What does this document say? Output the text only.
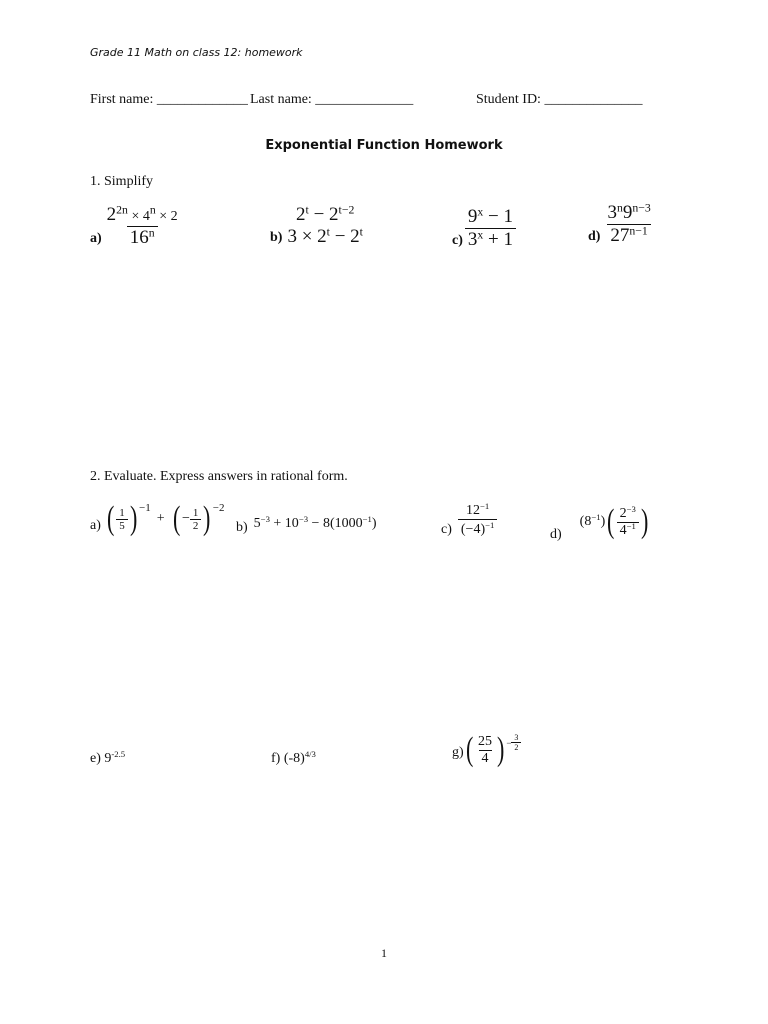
Grade 11 Math on class 12: homework
First name: _____________ Last name: ______________	Student ID: ______________
Exponential Function Homework
1. Simplify
$a) \frac{2^{2n} \times 4^n \times 2}{16^n}$	b)
$2^t - 2^{t-2}$
$3 \times 2^t - 2^t$
$c) \frac{9^x - 1}{3^x + 1}$	$d) \frac{3^n9^{n-3}}{27^{n-1}}$
2. Evaluate. Express answers in rational form.
a) ( $\frac{1}{5}$ ) −1
+ ( − $\frac{1}{2}$ ) −2
b) $5^{-3} + 10^{-3} - 8(1000^{-1})$	$c) \frac{12^{-1}}{(-4)^{-1}}$	d)
$(8^{-1})$ ( $\frac{2^{-3}}{4^{-1}}$ )
e) $9^{-2.5}$	f) $(-8)^{4/3}$	g) ( $\frac{25}{4}$ ) − $\frac{3}{2}$
1
